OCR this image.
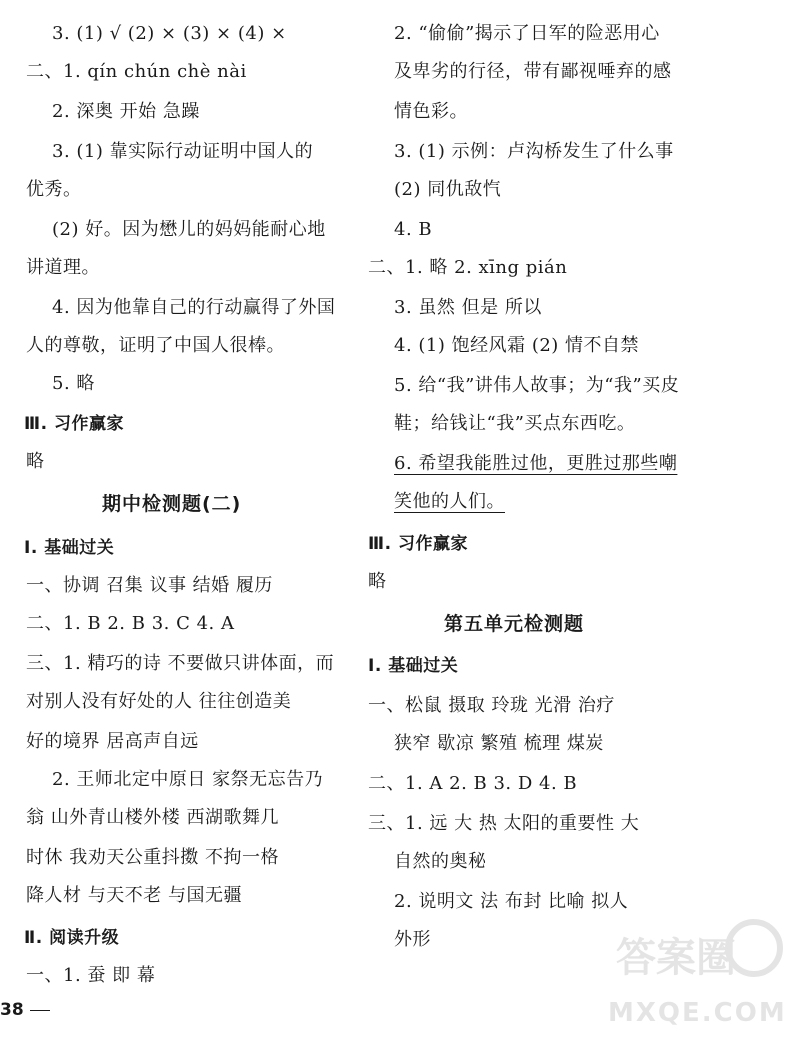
3. (1) √ (2) × (3) × (4) ×
二、1. qín chún chè nài
2. 深奥 开始 急躁
3. (1) 靠实际行动证明中国人的
优秀。
(2) 好。因为懋儿的妈妈能耐心地
讲道理。
4. 因为他靠自己的行动赢得了外国
人的尊敬，证明了中国人很棒。
5. 略
Ⅲ. 习作赢家
略
期中检测题(二)
Ⅰ. 基础过关
一、协调 召集 议事 结婚 履历
二、1. B 2. B 3. C 4. A
三、1. 精巧的诗 不要做只讲体面，而
对别人没有好处的人 往往创造美
好的境界 居高声自远
2. 王师北定中原日 家祭无忘告乃
翁 山外青山楼外楼 西湖歌舞几
时休 我劝天公重抖擞 不拘一格
降人材 与天不老 与国无疆
Ⅱ. 阅读升级
一、1. 蚕 即 幕
2. “偷偷”揭示了日军的险恶用心
及卑劣的行径，带有鄙视唾弃的感
情色彩。
3. (1) 示例：卢沟桥发生了什么事
(2) 同仇敌忾
4. B
二、1. 略 2. xīng pián
3. 虽然 但是 所以
4. (1) 饱经风霜 (2) 情不自禁
5. 给“我”讲伟人故事；为“我”买皮
鞋；给钱让“我”买点东西吃。
6. 希望我能胜过他，更胜过那些嘲
笑他的人们。
Ⅲ. 习作赢家
略
第五单元检测题
Ⅰ. 基础过关
一、松鼠 摄取 玲珑 光滑 治疗
狭窄 歇凉 繁殖 梳理 煤炭
二、1. A 2. B 3. D 4. B
三、1. 远 大 热 太阳的重要性 大
自然的奥秘
2. 说明文 法 布封 比喻 拟人
外形
38
答案圈
MXQE.COM
